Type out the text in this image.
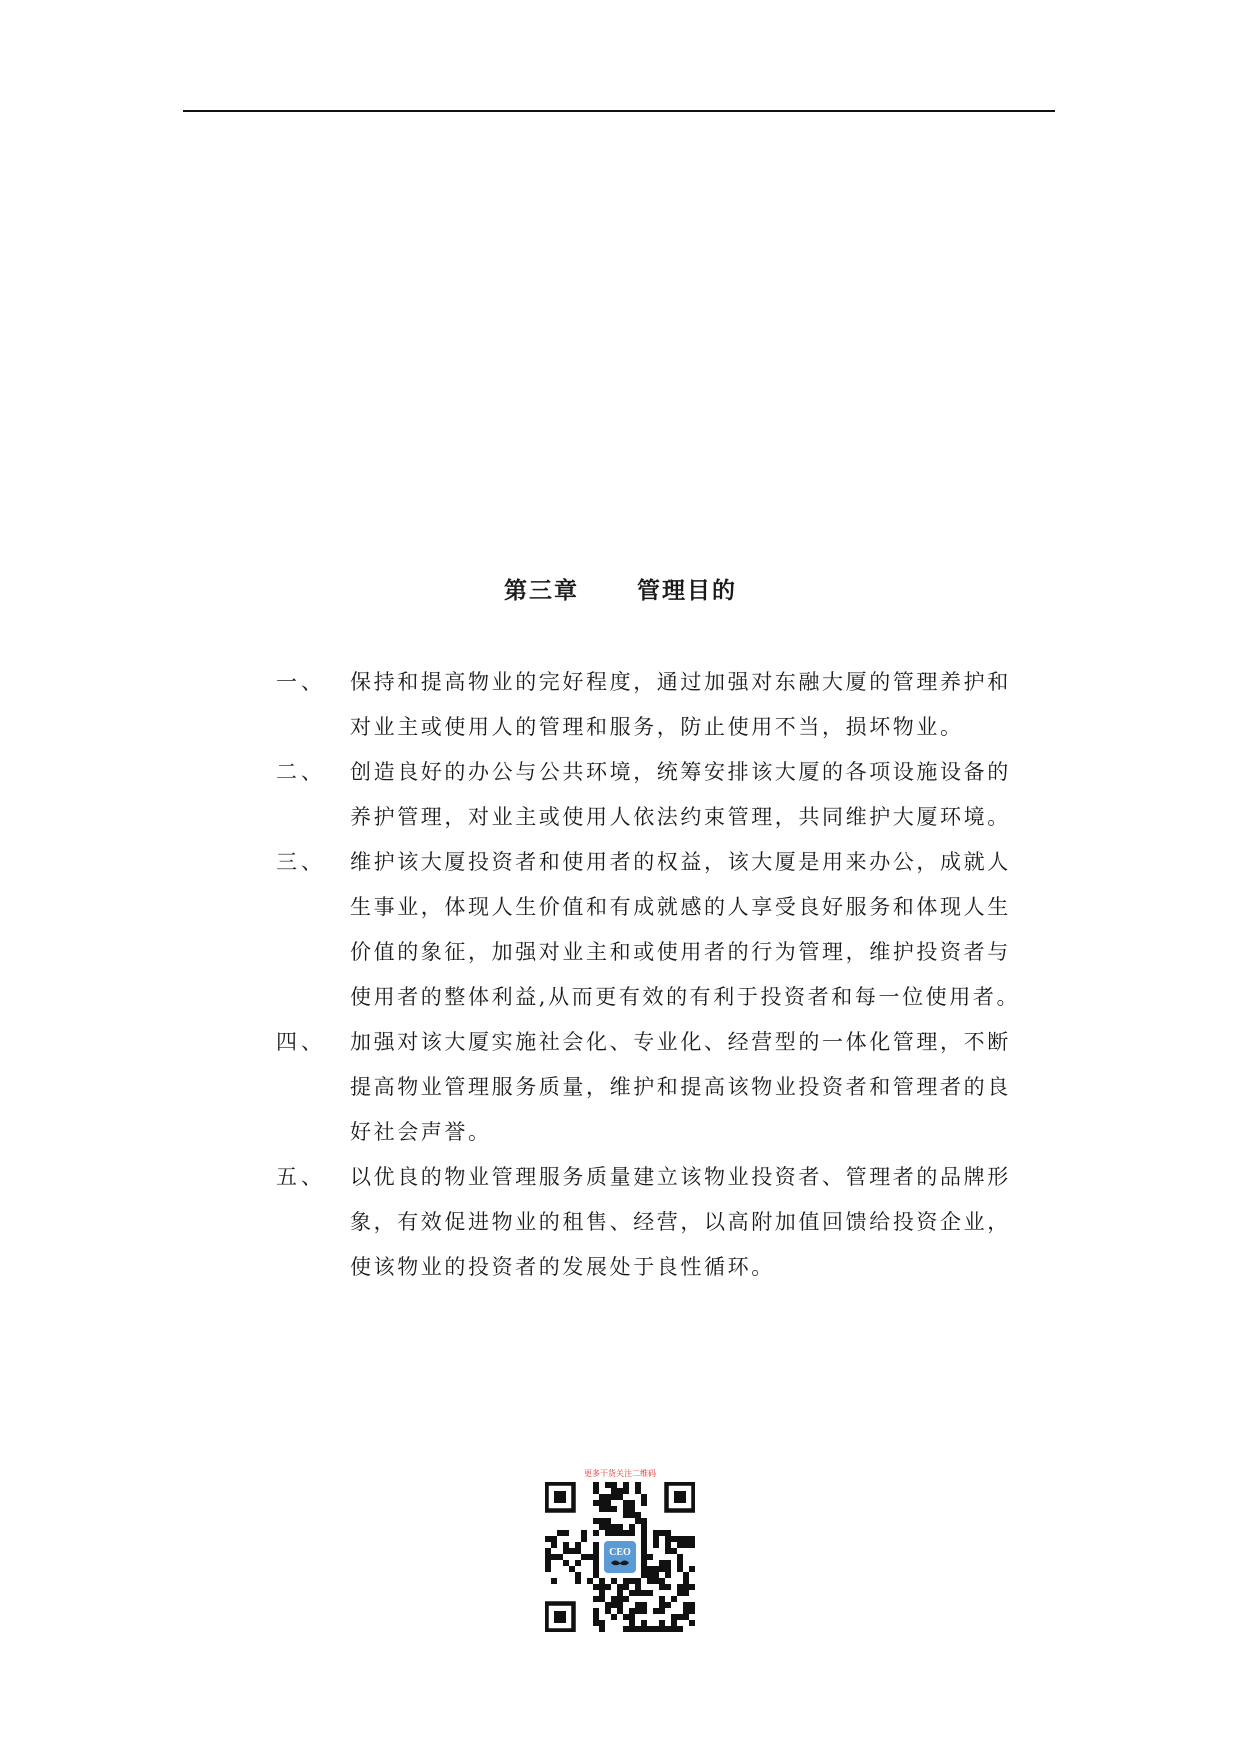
第三章	管理目的
一、	保持和提高物业的完好程度，通过加强对东融大厦的管理养护和
对业主或使用人的管理和服务，防止使用不当，损坏物业。
二、	创造良好的办公与公共环境，统筹安排该大厦的各项设施设备的
养护管理，对业主或使用人依法约束管理，共同维护大厦环境。
三、	维护该大厦投资者和使用者的权益，该大厦是用来办公，成就人
生事业，体现人生价值和有成就感的人享受良好服务和体现人生
价值的象征，加强对业主和或使用者的行为管理，维护投资者与
使用者的整体利益,从而更有效的有利于投资者和每一位使用者。
四、	加强对该大厦实施社会化、专业化、经营型的一体化管理，不断
提高物业管理服务质量，维护和提高该物业投资者和管理者的良
好社会声誉。
五、	以优良的物业管理服务质量建立该物业投资者、管理者的品牌形
象，有效促进物业的租售、经营，以高附加值回馈给投资企业，
使该物业的投资者的发展处于良性循环。
更多干货关注二维码
CEO
